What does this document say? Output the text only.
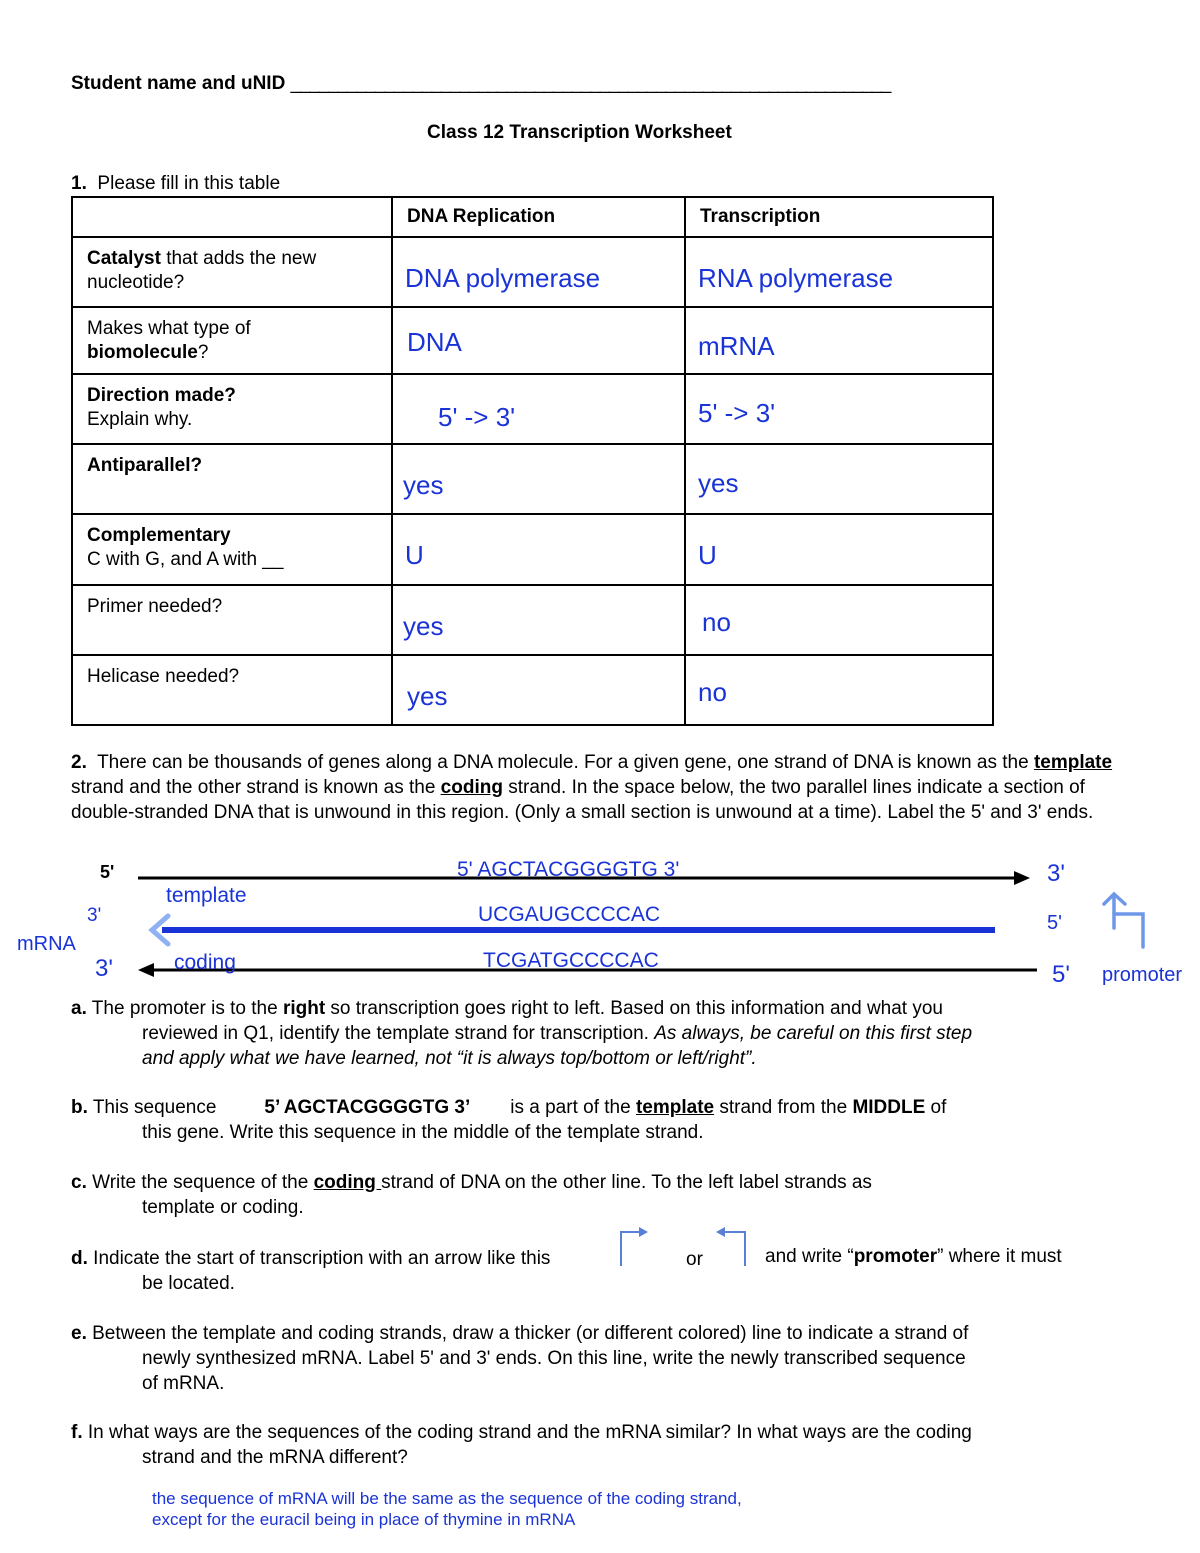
Student name and uNID ________________________________________________________________
Class 12 Transcription Worksheet
1. Please fill in this table
	DNA Replication	Transcription
Catalyst that adds the new nucleotide?	DNA polymerase	RNA polymerase

Makes what type of
biomolecule?	DNA	mRNA

Direction made?
Explain why.	5' -> 3'	5' -> 3'

Antiparallel?	yes	yes

Complementary
C with G, and A with __	U	U

Primer needed?	yes	no

Helicase needed?	yes	no
2. There can be thousands of genes along a DNA molecule. For a given gene, one strand of DNA is known as the template strand and the other strand is known as the coding strand. In the space below, the two parallel lines indicate a section of double-stranded DNA that is unwound in this region. (Only a small section is unwound at a time). Label the 5' and 3' ends.
5'	3'
5' AGCTACGGGGTG 3'
template
3'
mRNA
UCGAUGCCCCAC	5'
3'	coding	TCGATGCCCCAC
5' promoter
a. The promoter is to the right so transcription goes right to left. Based on this information and what you
reviewed in Q1, identify the template strand for transcription. As always, be careful on this first step
and apply what we have learned, not “it is always top/bottom or left/right”.
b. This sequence	5’ AGCTACGGGGTG 3’ is a part of the template strand from the MIDDLE of
this gene. Write this sequence in the middle of the template strand.
c. Write the sequence of the coding strand of DNA on the other line. To the left label strands as
template or coding.
d. Indicate the start of transcription with an arrow like this
be located.
or	and write “promoter” where it must
e. Between the template and coding strands, draw a thicker (or different colored) line to indicate a strand of
newly synthesized mRNA. Label 5' and 3' ends. On this line, write the newly transcribed sequence
of mRNA.
f. In what ways are the sequences of the coding strand and the mRNA similar? In what ways are the coding
strand and the mRNA different?
the sequence of mRNA will be the same as the sequence of the coding strand,
except for the euracil being in place of thymine in mRNA
